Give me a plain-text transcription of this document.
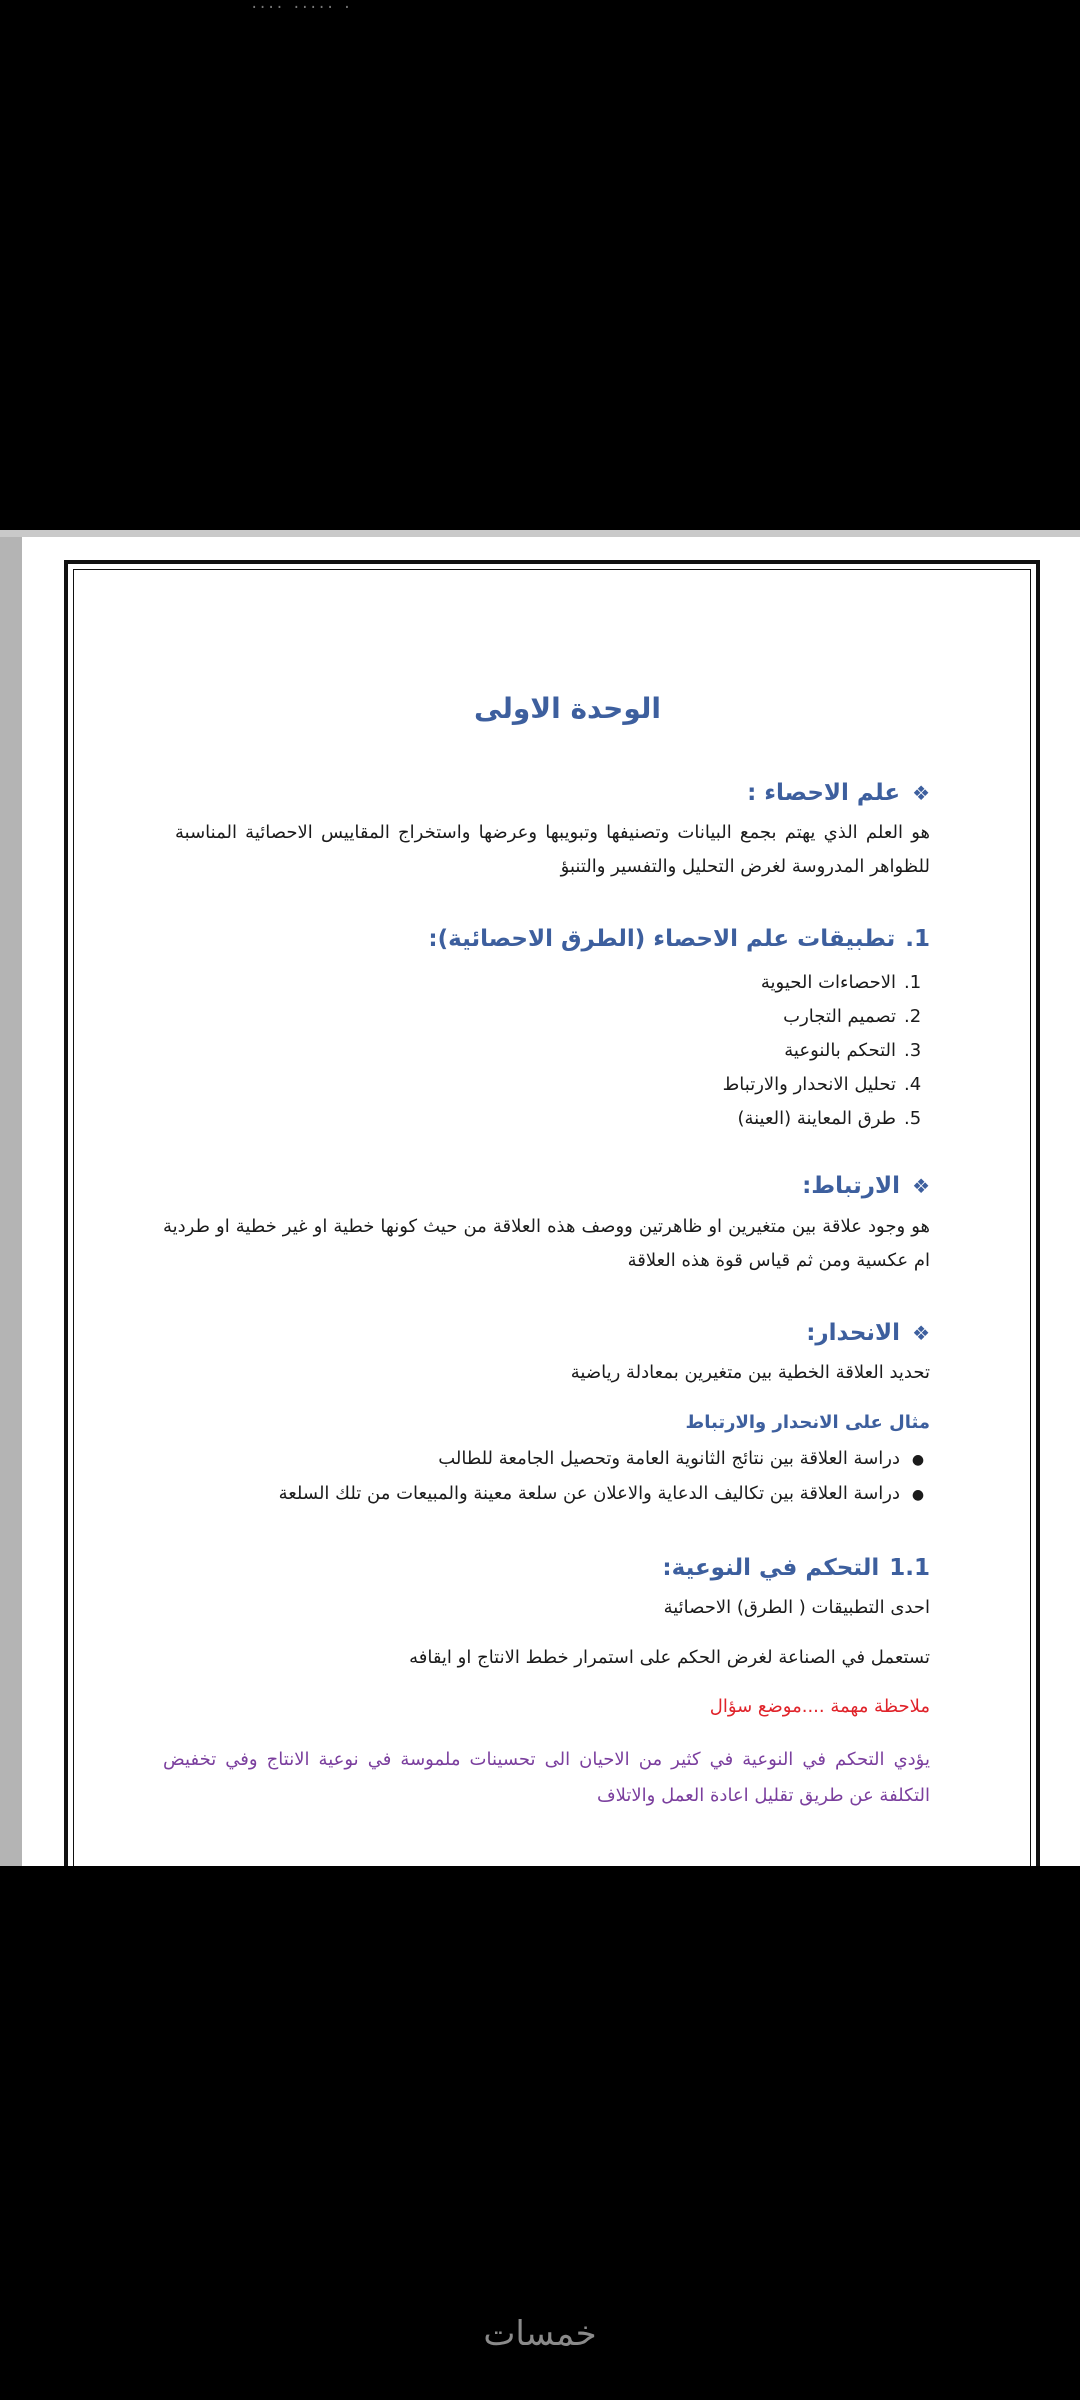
.... ..... .
الوحدة الاولى
❖علم الاحصاء :
هو العلم الذي يهتم بجمع البيانات وتصنيفها وتبويبها وعرضها واستخراج المقاييس الاحصائية المناسبة للظواهر المدروسة لغرض التحليل والتفسير والتنبؤ
1.تطبيقات علم الاحصاء (الطرق الاحصائية):
1.الاحصاءات الحيوية
2.تصميم التجارب
3.التحكم بالنوعية
4.تحليل الانحدار والارتباط
5.طرق المعاينة (العينة)
❖الارتباط:
هو وجود علاقة بين متغيرين او ظاهرتين ووصف هذه العلاقة من حيث كونها خطية او غير خطية او طردية ام عكسية ومن ثم قياس قوة هذه العلاقة
❖الانحدار:
تحديد العلاقة الخطية بين متغيرين بمعادلة رياضية
مثال على الانحدار والارتباط
●دراسة العلاقة بين نتائج الثانوية العامة وتحصيل الجامعة للطالب
●دراسة العلاقة بين تكاليف الدعاية والاعلان عن سلعة معينة والمبيعات من تلك السلعة
1.1التحكم في النوعية:
احدى التطبيقات ( الطرق) الاحصائية
تستعمل في الصناعة لغرض الحكم على استمرار خطط الانتاج او ايقافه
ملاحظة مهمة ....موضع سؤال
يؤدي التحكم في النوعية في كثير من الاحيان الى تحسينات ملموسة في نوعية الانتاج وفي تخفيض التكلفة عن طريق تقليل اعادة العمل والاتلاف
خمسات
